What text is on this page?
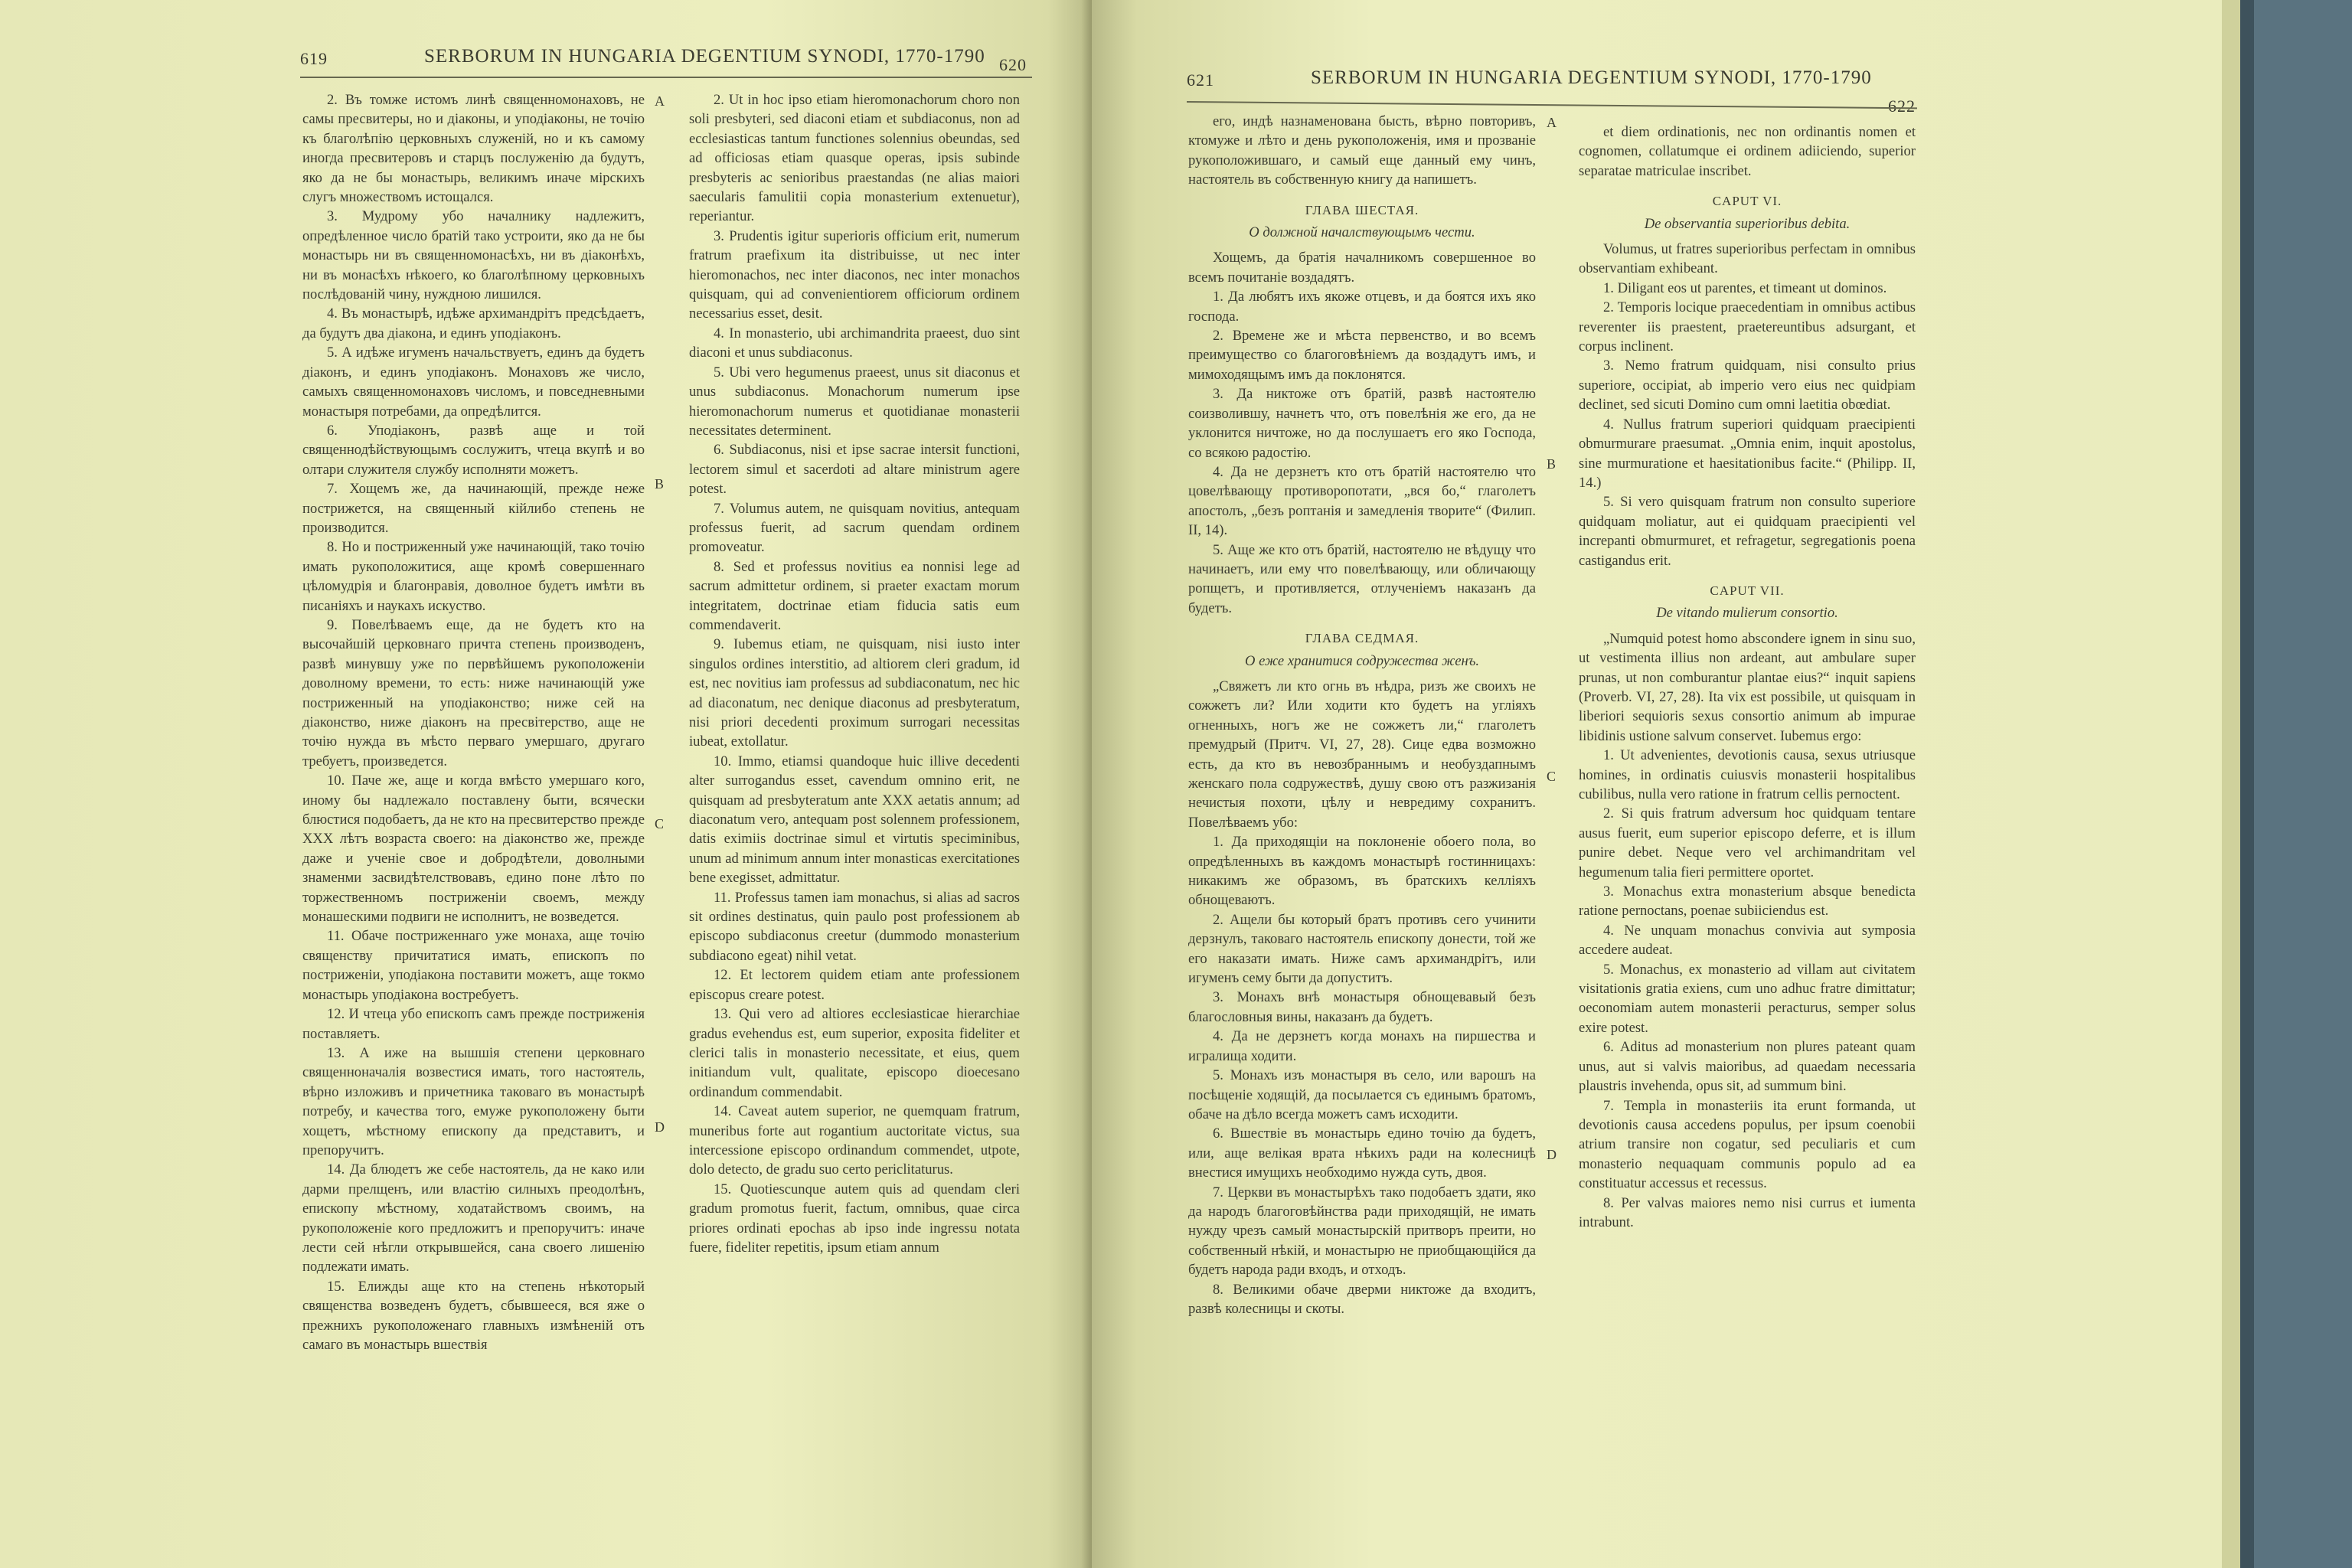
619	SERBORUM IN HUNGARIA DEGENTIUM SYNODI, 1770-1790 620

2. Въ томже истомъ линѣ священномонаховъ, не самы пресвитеры, но и діаконы, и уподіаконы, не точію къ благолѣпію церковныхъ служеній, но и къ самому иногда пресвитеровъ и старцъ послуженію да будутъ, яко да не бы монастырь, великимъ иначе мірскихъ слугъ множествомъ истощался.

3. Мудрому убо началнику надлежитъ, опредѣленное число братій тако устроити, яко да не бы монастырь ни въ священномонасѣхъ, ни въ діаконѣхъ, ни въ монасѣхъ нѣкоего, ко благолѣпному церковныхъ послѣдованій чину, нуждною лишился.

4. Въ монастырѣ, идѣже архимандрітъ предсѣдаетъ, да будутъ два діакона, и единъ уподіаконъ.

5. А идѣже игуменъ начальствуетъ, единъ да будетъ діаконъ, и единъ уподіаконъ. Монаховъ же число, самыхъ священномонаховъ числомъ, и повседневными монастыря потребами, да опредѣлится.

6. Уподіаконъ, развѣ аще и той священнодѣйствующымъ сослужитъ, чтеца вкупѣ и во олтари служителя службу исполняти можетъ.

7. Хощемъ же, да начинающій, прежде неже пострижется, на священный кійлибо степень не производится.

8. Но и постриженный уже начинающій, тако точію имать рукоположитися, аще кромѣ совершеннаго цѣломудрія и благонравія, доволное будетъ имѣти въ писаніяхъ и наукахъ искуство.

9. Повелѣваемъ еще, да не будетъ кто на высочайшій церковнаго причта степень производенъ, развѣ минувшу уже по первѣйшемъ рукоположеніи доволному времени, то есть: ниже начинающій уже постриженный на уподіаконство; ниже сей на діаконство, ниже діаконъ на пресвітерство, аще не точію нужда въ мѣсто перваго умершаго, другаго требуетъ, произведется.

10. Паче же, аще и когда вмѣсто умершаго кого, иному бы надлежало поставлену быти, всячески блюстися подобаетъ, да не кто на пресвитерство прежде ХХХ лѣтъ возраста своего: на діаконство же, прежде даже и ученіе свое и добродѣтели, доволными знаменми засвидѣтелствовавъ, едино поне лѣто по торжественномъ постриженіи своемъ, между монашескими подвиги не исполнитъ, не возведется.

11. Обаче постриженнаго уже монаха, аще точію священству причитатися имать, епископъ по постриженіи, уподіакона поставити можетъ, аще токмо монастырь уподіакона востребуетъ.

12. И чтеца убо епископъ самъ прежде постриженія поставляетъ.

13. А иже на вышшія степени церковнаго священноначалія возвестися имать, того настоятель, вѣрно изложивъ и причетника таковаго въ монастырѣ потребу, и качества того, емуже рукоположену быти хощетъ, мѣстному епископу да представитъ, и препоручитъ.

14. Да блюдетъ же себе настоятель, да не како или дарми прелщенъ, или властію силныхъ преодолѣнъ, епископу мѣстному, ходатайствомъ своимъ, на рукоположеніе кого предложитъ и препоручитъ: иначе лести сей нѣгли открывшейся, сана своего лишенію подлежати имать.

15. Елижды аще кто на степень нѣкоторый священства возведенъ будетъ, сбывшееся, вся яже о прежнихъ рукоположенаго главныхъ измѣненій отъ самаго въ монастырь вшествія

2. Ut in hoc ipso etiam hieromonachorum choro non soli presbyteri, sed diaconi etiam et subdiaconus, non ad ecclesiasticas tantum functiones solennius obeundas, sed ad officiosas etiam quasque operas, ipsis subinde presbyteris ac senioribus praestandas (ne alias maiori saecularis famulitii copia monasterium extenuetur), reperiantur.

3. Prudentis igitur superioris officium erit, numerum fratrum praefixum ita distribuisse, ut nec inter hieromonachos, nec inter diaconos, nec inter monachos quisquam, qui ad convenientiorem officiorum ordinem necessarius esset, desit.

4. In monasterio, ubi archimandrita praeest, duo sint diaconi et unus subdiaconus.

5. Ubi vero hegumenus praeest, unus sit diaconus et unus subdiaconus. Monachorum numerum ipse hieromonachorum numerus et quotidianae monasterii necessitates determinent.

6. Subdiaconus, nisi et ipse sacrae intersit functioni, lectorem simul et sacerdoti ad altare ministrum agere potest.

7. Volumus autem, ne quisquam novitius, antequam professus fuerit, ad sacrum quendam ordinem promoveatur.

8. Sed et professus novitius ea nonnisi lege ad sacrum admittetur ordinem, si praeter exactam morum integritatem, doctrinae etiam fiducia satis eum commendaverit.

9. Iubemus etiam, ne quisquam, nisi iusto inter singulos ordines interstitio, ad altiorem cleri gradum, id est, nec novitius iam professus ad subdiaconatum, nec hic ad diaconatum, nec denique diaconus ad presbyteratum, nisi priori decedenti proximum surrogari necessitas iubeat, extollatur.

10. Immo, etiamsi quandoque huic illive decedenti alter surrogandus esset, cavendum omnino erit, ne quisquam ad presbyteratum ante XXX aetatis annum; ad diaconatum vero, antequam post solennem professionem, datis eximiis doctrinae simul et virtutis speciminibus, unum ad minimum annum inter monasticas exercitationes bene exegisset, admittatur.

11. Professus tamen iam monachus, si alias ad sacros sit ordines destinatus, quin paulo post professionem ab episcopo subdiaconus creetur (dummodo monasterium subdiacono egeat) nihil vetat.

12. Et lectorem quidem etiam ante professionem episcopus creare potest.

13. Qui vero ad altiores ecclesiasticae hierarchiae gradus evehendus est, eum superior, exposita fideliter et clerici talis in monasterio necessitate, et eius, quem initiandum vult, qualitate, episcopo dioecesano ordinandum commendabit.

14. Caveat autem superior, ne quemquam fratrum, muneribus forte aut rogantium auctoritate victus, sua intercessione episcopo ordinandum commendet, utpote, dolo detecto, de gradu suo certo periclitaturus.

15. Quotiescunque autem quis ad quendam cleri gradum promotus fuerit, factum, omnibus, quae circa priores ordinati epochas ab ipso inde ingressu notata fuere, fideliter repetitis, ipsum etiam annum

A
B
C
D
621	SERBORUM IN HUNGARIA DEGENTIUM SYNODI, 1770-1790
622

его, индѣ назнаменована бысть, вѣрно повторивъ, ктомуже и лѣто и день рукоположенія, имя и прозваніе рукоположившаго, и самый еще данный ему чинъ, настоятель въ собственную книгу да напишетъ.

ГЛАВА ШЕСТАЯ.

О должной началствующымъ чести.

Хощемъ, да братія началникомъ совершенное во всемъ почитаніе воздадятъ.

1. Да любятъ ихъ якоже отцевъ, и да боятся ихъ яко господа.

2. Времене же и мѣста первенство, и во всемъ преимущество со благоговѣніемъ да воздадутъ имъ, и мимоходящымъ имъ да поклонятся.

3. Да никтоже отъ братій, развѣ настоятелю соизволившу, начнетъ что, отъ повелѣнія же его, да не уклонится ничтоже, но да послушаетъ его яко Господа, со всякою радостію.

4. Да не дерзнетъ кто отъ братій настоятелю что цовелѣвающу противоропотати, „вся бо,“ глаголетъ апостолъ, „безъ роптанія и замедленія творите“ (Филип. II, 14).

5. Аще же кто отъ братій, настоятелю не вѣдущу что начинаетъ, или ему что повелѣвающу, или обличающу ропщетъ, и противляется, отлученіемъ наказанъ да будетъ.

ГЛАВА СЕДМАЯ.

О еже хранитися содружества женъ.

„Свяжетъ ли кто огнь въ нѣдра, ризъ же своихъ не сожжетъ ли? Или ходити кто будетъ на углiяхъ огненныхъ, ногъ же не сожжетъ ли,“ глаголетъ премудрый (Притч. VI, 27, 28). Сице едва возможно есть, да кто въ невозбраннымъ и необуздапнымъ женскаго пола содружествѣ, душу свою отъ разжизанія нечистыя похоти, цѣлу и невредиму сохранитъ. Повелѣваемъ убо:

1. Да приходящіи на поклоненіе обоего пола, во опредѣленныхъ въ каждомъ монастырѣ гостинницахъ: никакимъ же образомъ, въ братскихъ келліяхъ обнощеваютъ.

2. Ащели бы который братъ противъ сего учинити дерзнулъ, таковаго настоятель епископу донести, той же его наказати имать. Ниже самъ архимандрітъ, или игуменъ сему быти да допуститъ.

3. Монахъ внѣ монастыря обнощевавый безъ благословныя вины, наказанъ да будетъ.

4. Да не дерзнетъ когда монахъ на пиршества и игралища ходити.

5. Монахъ изъ монастыря въ село, или варошъ на посѣщеніе ходящій, да посылается съ единымъ братомъ, обаче на дѣло всегда можетъ самъ исходити.

6. Вшествіе въ монастырь едино точію да будетъ, или, аще велікая врата нѣкихъ ради на колесницѣ внестися имущихъ необходимо нужда суть, двоя.

7. Церкви въ монастырѣхъ тако подобаетъ здати, яко да народъ благоговѣйнства ради приходящій, не имать нужду чрезъ самый монастырскій притворъ преити, но собственный нѣкій, и монастырю не приобщающійся да будетъ народа ради входъ, и отходъ.

8. Великими обаче дверми никтоже да входитъ, развѣ колесницы и скоты.

et diem ordinationis, nec non ordinantis nomen et cognomen, collatumque ei ordinem adiiciendo, superior separatae matriculae inscribet.

CAPUT VI.

De observantia superioribus debita.

Volumus, ut fratres superioribus perfectam in omnibus observantiam exhibeant.

1. Diligant eos ut parentes, et timeant ut dominos.

2. Temporis locique praecedentiam in omnibus actibus reverenter iis praestent, praetereuntibus adsurgant, et corpus inclinent.

3. Nemo fratrum quidquam, nisi consulto prius superiore, occipiat, ab imperio vero eius nec quidpiam declinet, sed sicuti Domino cum omni laetitia obœdiat.

4. Nullus fratrum superiori quidquam praecipienti obmurmurare praesumat. „Omnia enim, inquit apostolus, sine murmuratione et haesitationibus facite.“ (Philipp. II, 14.)

5. Si vero quisquam fratrum non consulto superiore quidquam moliatur, aut ei quidquam praecipienti vel increpanti obmurmuret, et refragetur, segregationis poena castigandus erit.

CAPUT VII.

De vitando mulierum consortio.

„Numquid potest homo abscondere ignem in sinu suo, ut vestimenta illius non ardeant, aut ambulare super prunas, ut non comburantur plantae eius?“ inquit sapiens (Proverb. VI, 27, 28). Ita vix est possibile, ut quisquam in liberiori sequioris sexus consortio animum ab impurae libidinis ustione salvum conservet. Iubemus ergo:

1. Ut advenientes, devotionis causa, sexus utriusque homines, in ordinatis cuiusvis monasterii hospitalibus cubilibus, nulla vero ratione in fratrum cellis pernoctent.

2. Si quis fratrum adversum hoc quidquam tentare ausus fuerit, eum superior episcopo deferre, et is illum punire debet. Neque vero vel archimandritam vel hegumenum talia fieri permittere oportet.

3. Monachus extra monasterium absque benedicta ratione pernoctans, poenae subiiciendus est.

4. Ne unquam monachus convivia aut symposia accedere audeat.

5. Monachus, ex monasterio ad villam aut civitatem visitationis gratia exiens, cum uno adhuc fratre dimittatur; oeconomiam autem monasterii peracturus, semper solus exire potest.

6. Aditus ad monasterium non plures pateant quam unus, aut si valvis maioribus, ad quaedam necessaria plaustris invehenda, opus sit, ad summum bini.

7. Templa in monasteriis ita erunt formanda, ut devotionis causa accedens populus, per ipsum coenobii atrium transire non cogatur, sed peculiaris et cum monasterio nequaquam communis populo ad ea constituatur accessus et recessus.

8. Per valvas maiores nemo nisi currus et iumenta intrabunt.

A
B
C
D
